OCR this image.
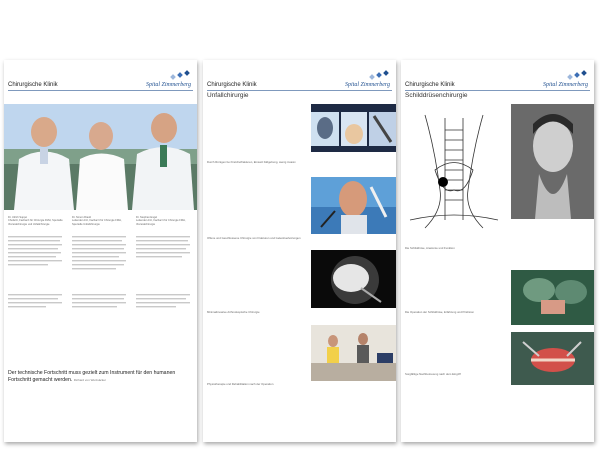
Chirurgische Klinik	Spital Zimmerberg
Dr. Ulrich Suppé
Chefarzt, Facharzt für Chirurgie FMH, Spezielle Viszeralchirurgie und Unfallchirurgie
Dr. Simon Rüedi
Leitender Arzt, Facharzt für Chirurgie FMH, Spezielle Unfallchirurgie
Dr. Stephan Engel
Leitender Arzt, Facharzt für Chirurgie FMH, Viszeralchirurgie
Der technische Fortschritt muss gezielt zum Instrument für den humanen Fortschritt gemacht werden. Richard von Weizsäcker
Chirurgische Klinik	Spital Zimmerberg
Unfallchirurgie
Durch Röntgen bei Knöchelfrakturen, Einsatz bildgebung, wenig invasiv
Offene und Geschlossene Chirurgie von Frakturen und Gelenkverletzungen
Minimalinvasive Arthroskopische Chirurgie
Physiotherapie und Rehabilitation nach der Operation
Chirurgische Klinik	Spital Zimmerberg
Schilddrüsenchirurgie
Die Schilddrüse, Anatomie und Funktion
Die Operation der Schilddrüse, Erfahrung und Präzision
Sorgfältige Nachbetreuung nach dem Eingriff
